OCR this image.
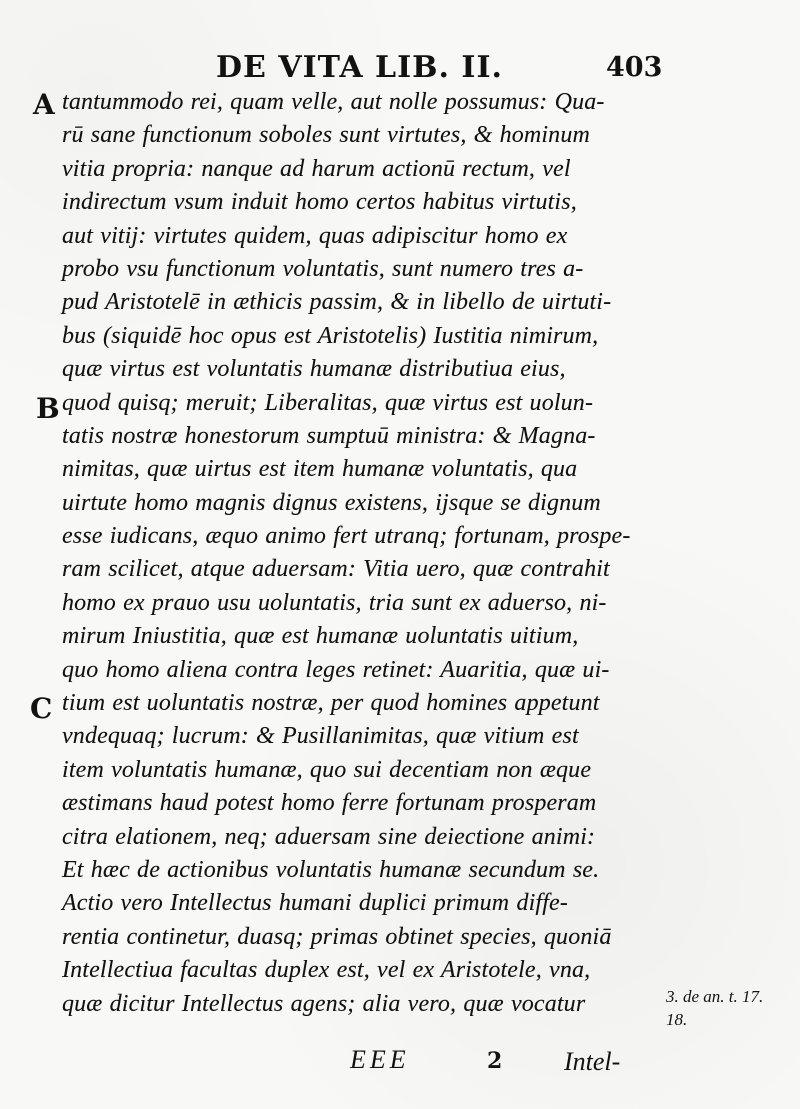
DE VITA LIB. II.	403
A
B
C
tantummodo rei, quam velle, aut nolle possumus: Qua-
rū sane functionum soboles sunt virtutes, & hominum
vitia propria: nanque ad harum actionū rectum, vel
indirectum vsum induit homo certos habitus virtutis,
aut vitij: virtutes quidem, quas adipiscitur homo ex
probo vsu functionum voluntatis, sunt numero tres a-
pud Aristotelē in æthicis passim, & in libello de uirtuti-
bus (siquidē hoc opus est Aristotelis) Iustitia nimirum,
quæ virtus est voluntatis humanæ distributiua eius,
quod quisq; meruit; Liberalitas, quæ virtus est uolun-
tatis nostræ honestorum sumptuū ministra: & Magna-
nimitas, quæ uirtus est item humanæ voluntatis, qua
uirtute homo magnis dignus existens, ijsque se dignum
esse iudicans, æquo animo fert utranq; fortunam, prospe-
ram scilicet, atque aduersam: Vitia uero, quæ contrahit
homo ex prauo usu uoluntatis, tria sunt ex aduerso, ni-
mirum Iniustitia, quæ est humanæ uoluntatis uitium,
quo homo aliena contra leges retinet: Auaritia, quæ ui-
tium est uoluntatis nostræ, per quod homines appetunt
vndequaq; lucrum: & Pusillanimitas, quæ vitium est
item voluntatis humanæ, quo sui decentiam non æque
æstimans haud potest homo ferre fortunam prosperam
citra elationem, neq; aduersam sine deiectione animi:
Et hæc de actionibus voluntatis humanæ secundum se.
Actio vero Intellectus humani duplici primum diffe-
rentia continetur, duasq; primas obtinet species, quoniā
Intellectiua facultas duplex est, vel ex Aristotele, vna,
quæ dicitur Intellectus agens; alia vero, quæ vocatur	3. de an. t. 17.
18.
EEE	2 Intel-
